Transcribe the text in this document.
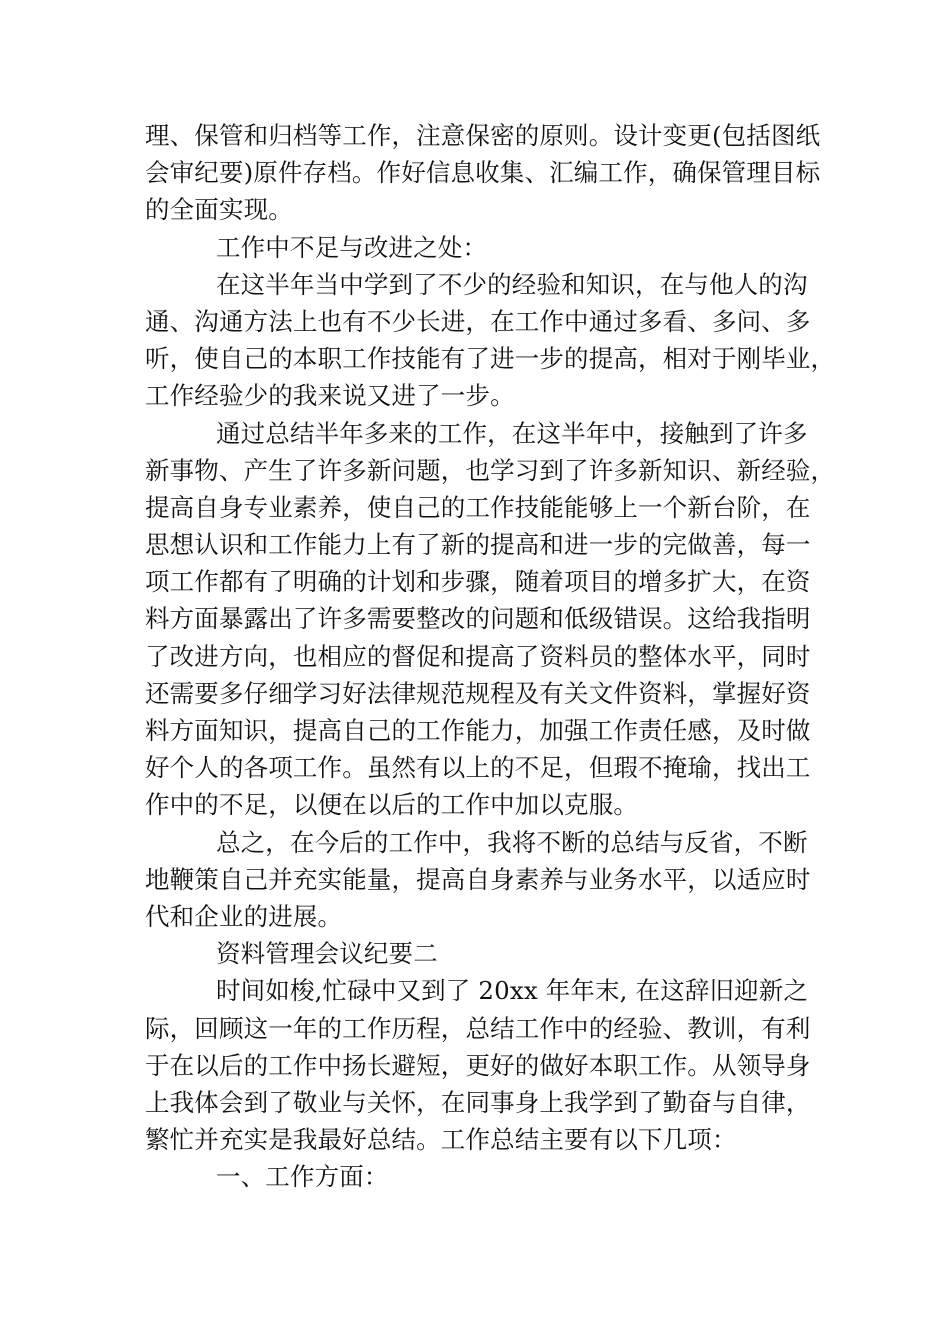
理、保管和归档等工作，注意保密的原则。设计变更(包括图纸
会审纪要)原件存档。作好信息收集、汇编工作，确保管理目标
的全面实现。
工作中不足与改进之处：
在这半年当中学到了不少的经验和知识，在与他人的沟
通、沟通方法上也有不少长进，在工作中通过多看、多问、多
听，使自己的本职工作技能有了进一步的提高，相对于刚毕业，
工作经验少的我来说又进了一步。
通过总结半年多来的工作，在这半年中，接触到了许多
新事物、产生了许多新问题，也学习到了许多新知识、新经验，
提高自身专业素养，使自己的工作技能能够上一个新台阶，在
思想认识和工作能力上有了新的提高和进一步的完做善，每一
项工作都有了明确的计划和步骤，随着项目的增多扩大，在资
料方面暴露出了许多需要整改的问题和低级错误。这给我指明
了改进方向，也相应的督促和提高了资料员的整体水平，同时
还需要多仔细学习好法律规范规程及有关文件资料，掌握好资
料方面知识，提高自己的工作能力，加强工作责任感，及时做
好个人的各项工作。虽然有以上的不足，但瑕不掩瑜，找出工
作中的不足，以便在以后的工作中加以克服。
总之，在今后的工作中，我将不断的总结与反省，不断
地鞭策自己并充实能量，提高自身素养与业务水平，以适应时
代和企业的进展。
资料管理会议纪要二
时间如梭,忙碌中又到了 20xx 年年末, 在这辞旧迎新之
际，回顾这一年的工作历程，总结工作中的经验、教训，有利
于在以后的工作中扬长避短，更好的做好本职工作。从领导身
上我体会到了敬业与关怀，在同事身上我学到了勤奋与自律，
繁忙并充实是我最好总结。工作总结主要有以下几项：
一、工作方面：
